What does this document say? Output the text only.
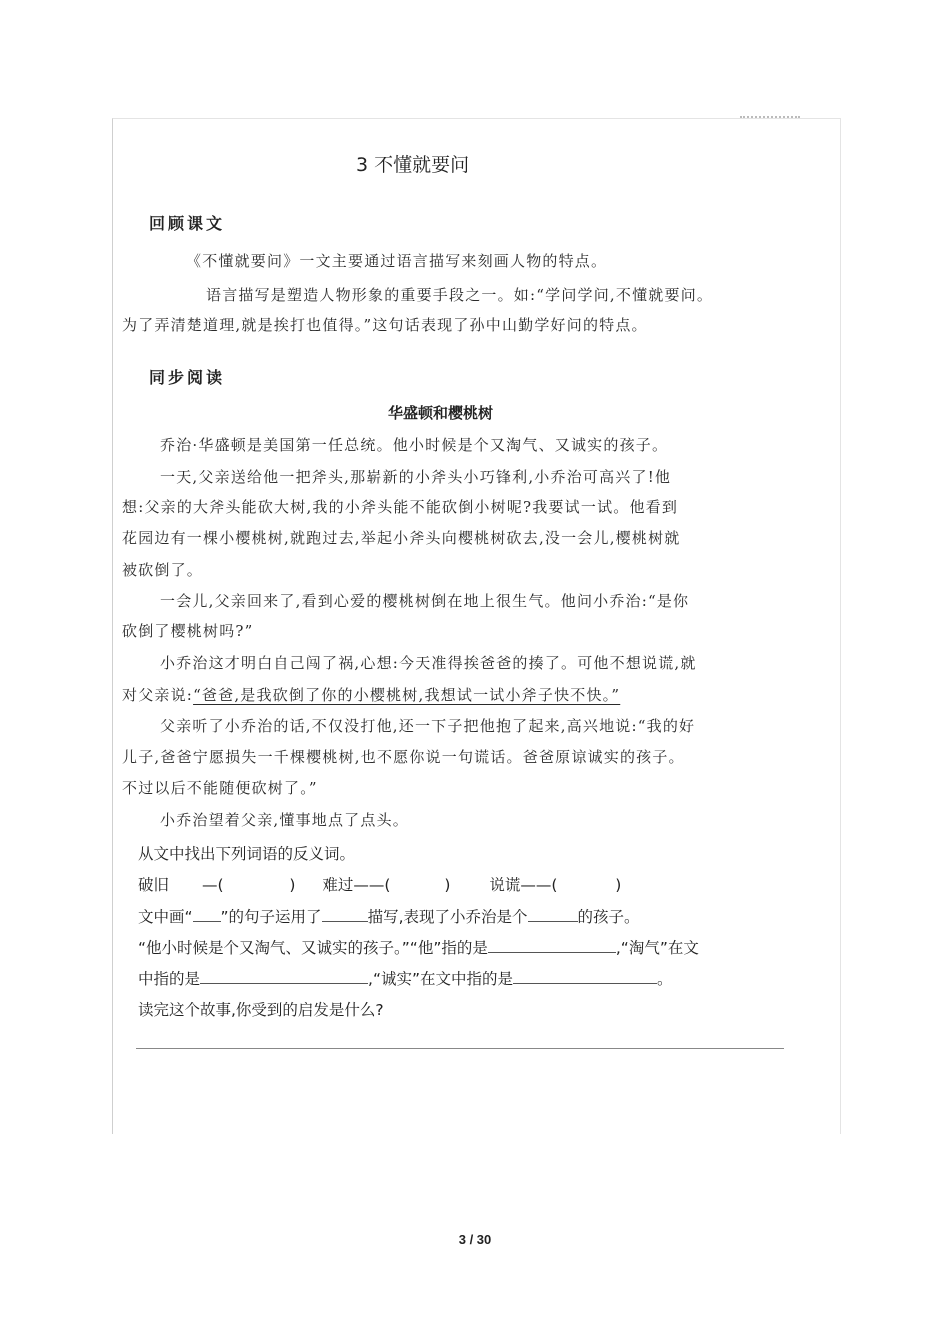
3 不懂就要问
回顾课文
《不懂就要问》一文主要通过语言描写来刻画人物的特点。
语言描写是塑造人物形象的重要手段之一。如:“学问学问,不懂就要问。
为了弄清楚道理,就是挨打也值得。”这句话表现了孙中山勤学好问的特点。
同步阅读
华盛顿和樱桃树
乔治·华盛顿是美国第一任总统。他小时候是个又淘气、又诚实的孩子。
一天,父亲送给他一把斧头,那崭新的小斧头小巧锋利,小乔治可高兴了!他
想:父亲的大斧头能砍大树,我的小斧头能不能砍倒小树呢?我要试一试。他看到
花园边有一棵小樱桃树,就跑过去,举起小斧头向樱桃树砍去,没一会儿,樱桃树就
被砍倒了。
一会儿,父亲回来了,看到心爱的樱桃树倒在地上很生气。他问小乔治:“是你
砍倒了樱桃树吗?”
小乔治这才明白自己闯了祸,心想:今天准得挨爸爸的揍了。可他不想说谎,就
对父亲说:“爸爸,是我砍倒了你的小樱桃树,我想试一试小斧子快不快。”
父亲听了小乔治的话,不仅没打他,还一下子把他抱了起来,高兴地说:“我的好
儿子,爸爸宁愿损失一千棵樱桃树,也不愿你说一句谎话。爸爸原谅诚实的孩子。
不过以后不能随便砍树了。”
小乔治望着父亲,懂事地点了点头。
从文中找出下列词语的反义词。
破旧 —(	) 难过——(	)	说谎——(	)
文中画“ ”的句子运用了	描写,表现了小乔治是个	的孩子。
“他小时候是个又淘气、又诚实的孩子。”“他”指的是	,“淘气”在文
中指的是	,“诚实”在文中指的是	。
读完这个故事,你受到的启发是什么?
3 / 30
